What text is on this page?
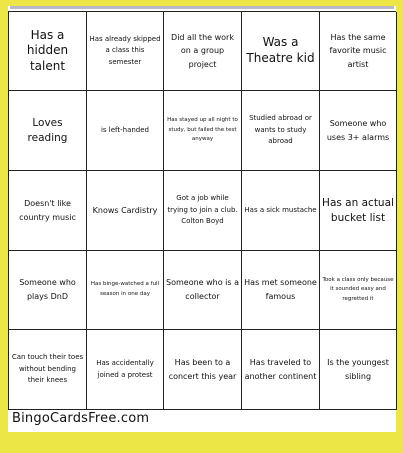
Has a hidden talent
Has already skipped a class this semester
Did all the work on a group project
Was a Theatre kid
Has the same favorite music artist
Loves reading
is left-handed
Has stayed up all night to study, but failed the test anyway
Studied abroad or wants to study abroad
Someone who uses 3+ alarms
Doesn't like country music
Knows Cardistry
Got a job while trying to join a club. Colton Boyd
Has a sick mustache
Has an actual bucket list
Someone who plays DnD
Has binge-watched a full season in one day
Someone who is a collector
Has met someone famous
Took a class only because it sounded easy and regretted it
Can touch their toes without bending their knees
Has accidentally joined a protest
Has been to a concert this year
Has traveled to another continent
Is the youngest sibling
BingoCardsFree.com
